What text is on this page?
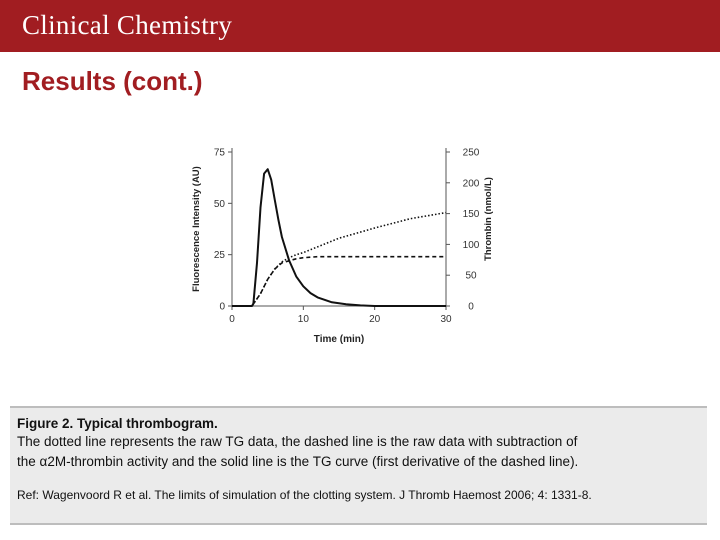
Clinical Chemistry
Results (cont.)
0	10	20	30
0
25
50
75
0
50
100
150
200
250
Time (min)
Fluorescence Intensity (AU)	Thrombin (nmol/L)
Figure 2. Typical thrombogram.
The dotted line represents the raw TG data, the dashed line is the raw data with subtraction of
the α2M-thrombin activity and the solid line is the TG curve (first derivative of the dashed line).
Ref: Wagenvoord R et al. The limits of simulation of the clotting system. J Thromb Haemost 2006; 4: 1331-8.
